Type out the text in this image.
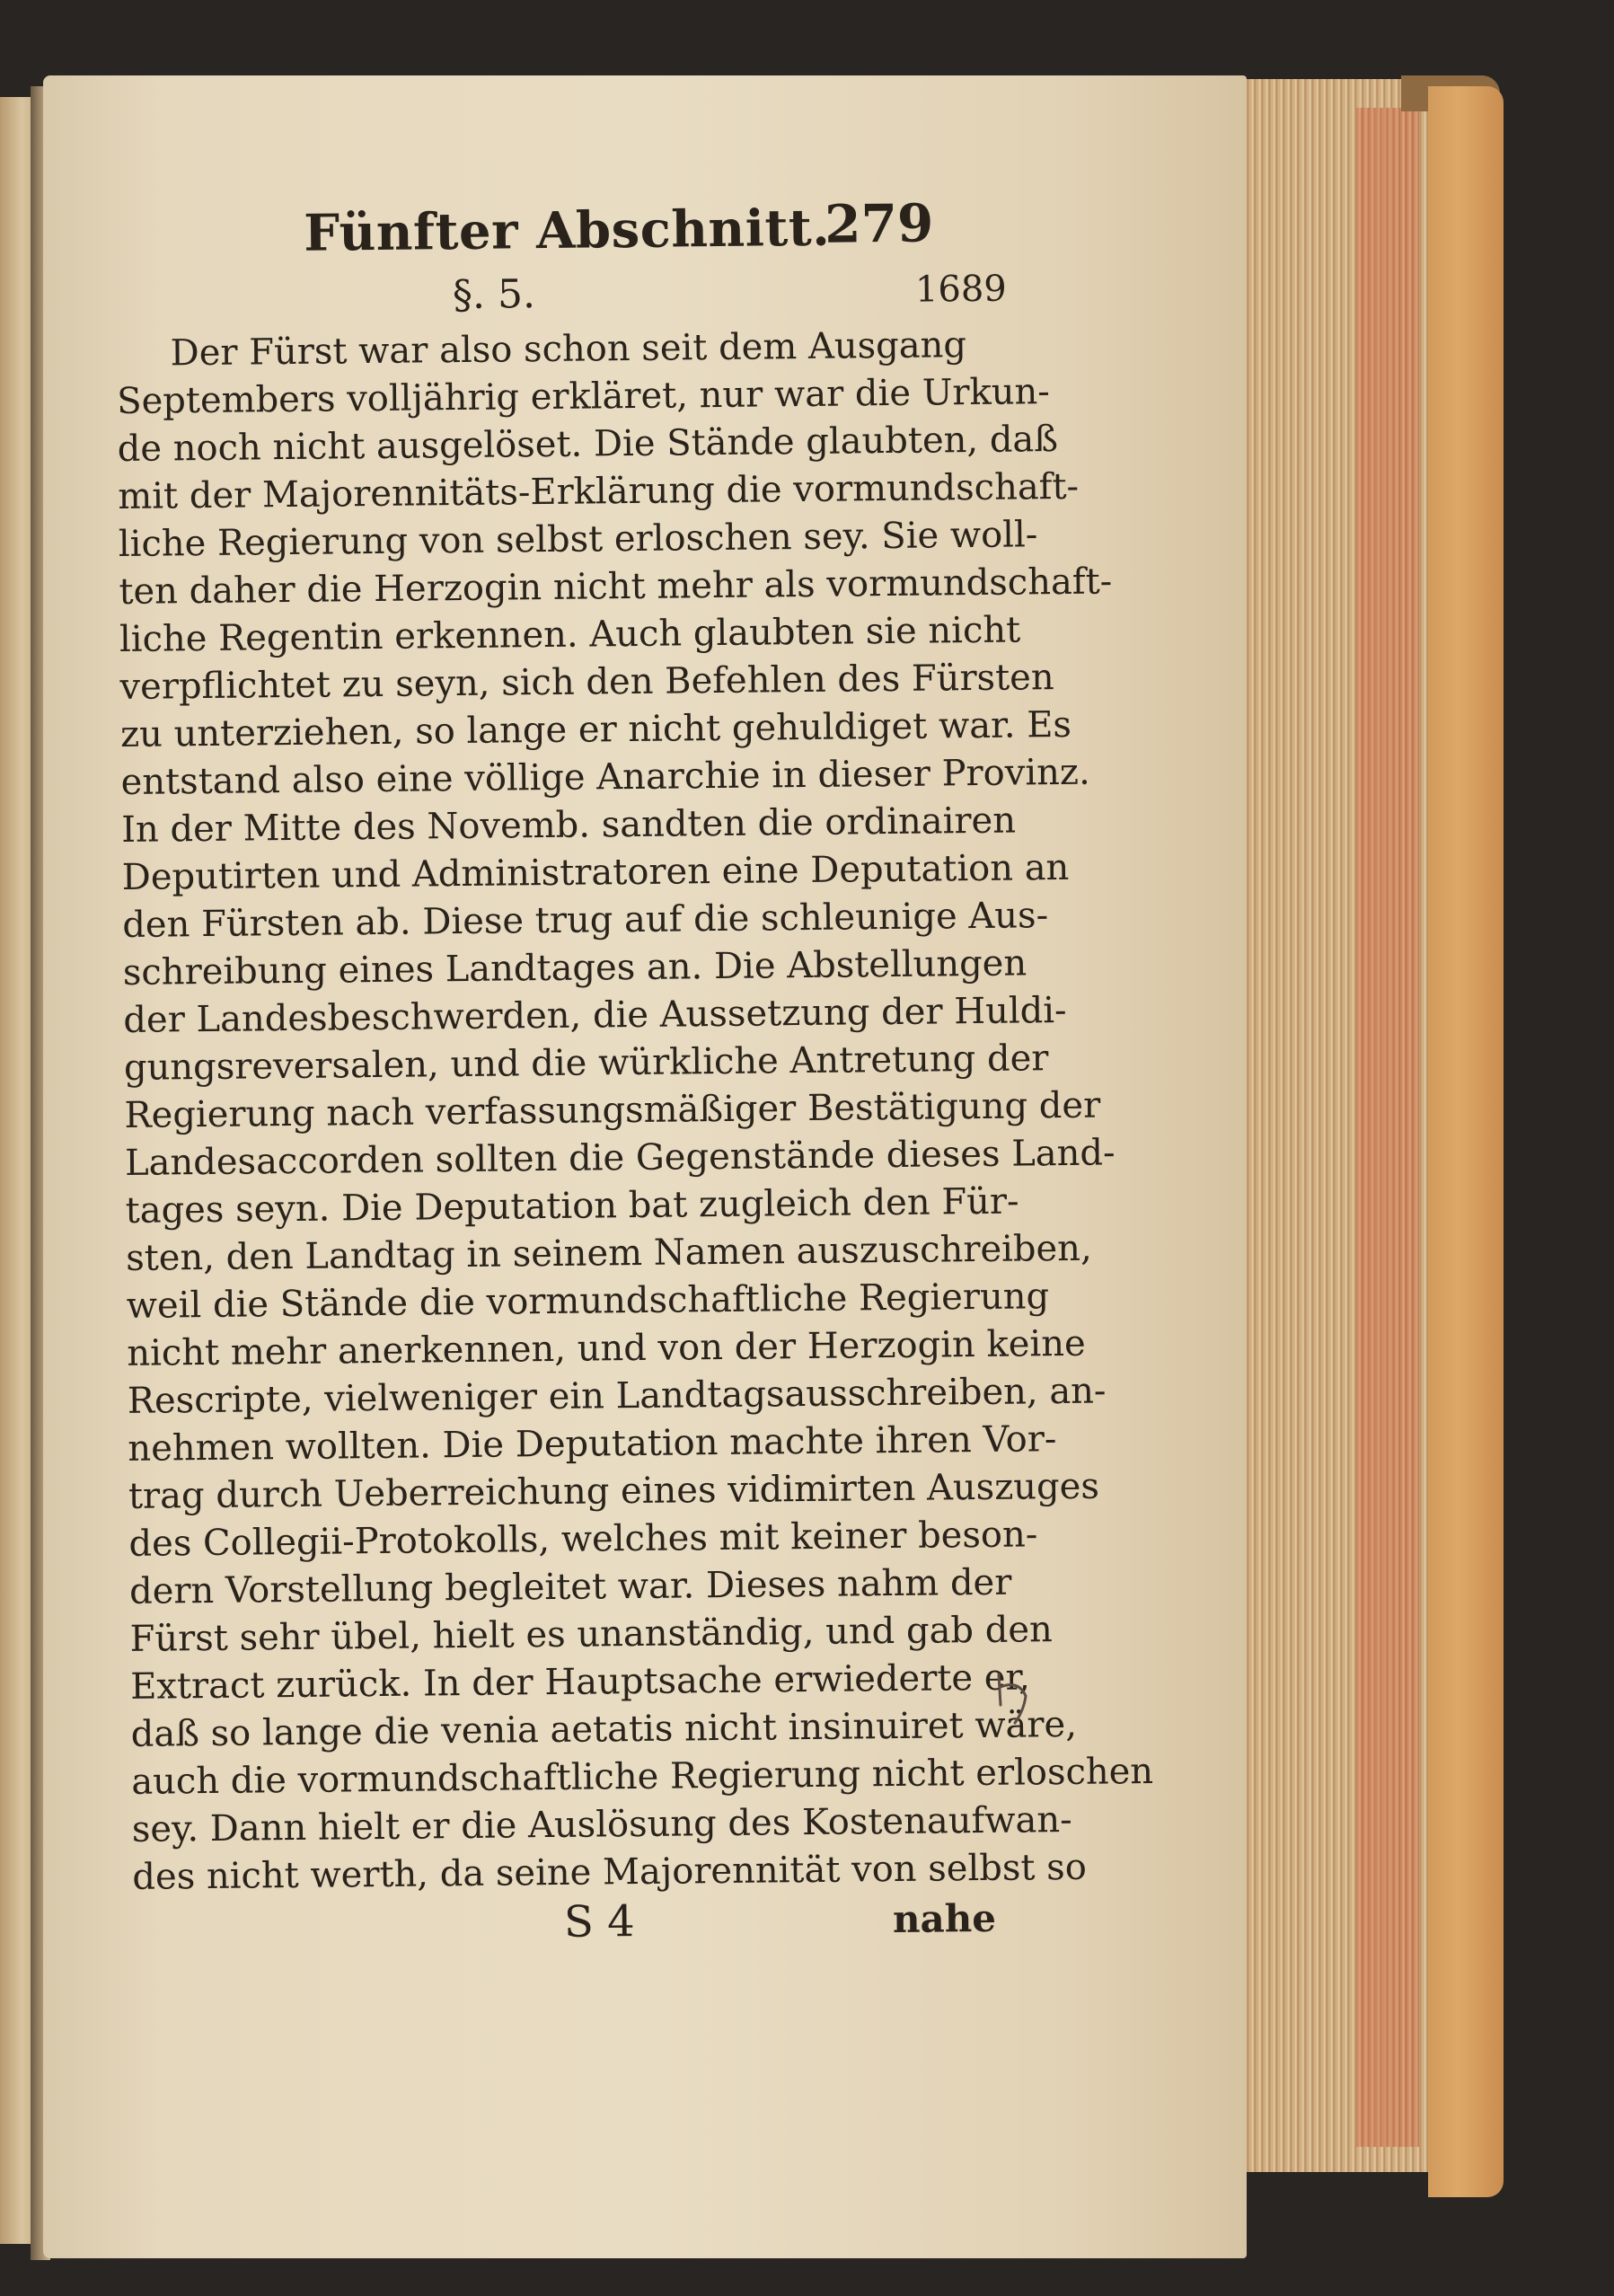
Fünfter Abschnitt.
279
§. 5.	1689
Der Fürst war also schon seit dem Ausgang
Septembers volljährig erkläret, nur war die Urkun-
de noch nicht ausgelöset. Die Stände glaubten, daß
mit der Majorennitäts-Erklärung die vormundschaft-
liche Regierung von selbst erloschen sey. Sie woll-
ten daher die Herzogin nicht mehr als vormundschaft-
liche Regentin erkennen. Auch glaubten sie nicht
verpflichtet zu seyn, sich den Befehlen des Fürsten
zu unterziehen, so lange er nicht gehuldiget war. Es
entstand also eine völlige Anarchie in dieser Provinz.
In der Mitte des Novemb. sandten die ordinairen
Deputirten und Administratoren eine Deputation an
den Fürsten ab. Diese trug auf die schleunige Aus-
schreibung eines Landtages an. Die Abstellungen
der Landesbeschwerden, die Aussetzung der Huldi-
gungsreversalen, und die würkliche Antretung der
Regierung nach verfassungsmäßiger Bestätigung der
Landesaccorden sollten die Gegenstände dieses Land-
tages seyn. Die Deputation bat zugleich den Für-
sten, den Landtag in seinem Namen auszuschreiben,
weil die Stände die vormundschaftliche Regierung
nicht mehr anerkennen, und von der Herzogin keine
Rescripte, vielweniger ein Landtagsausschreiben, an-
nehmen wollten. Die Deputation machte ihren Vor-
trag durch Ueberreichung eines vidimirten Auszuges
des Collegii-Protokolls, welches mit keiner beson-
dern Vorstellung begleitet war. Dieses nahm der
Fürst sehr übel, hielt es unanständig, und gab den
Extract zurück. In der Hauptsache erwiederte er,
daß so lange die venia aetatis nicht insinuiret wäre,
auch die vormundschaftliche Regierung nicht erloschen
sey. Dann hielt er die Auslösung des Kostenaufwan-
des nicht werth, da seine Majorennität von selbst so
S 4	nahe
